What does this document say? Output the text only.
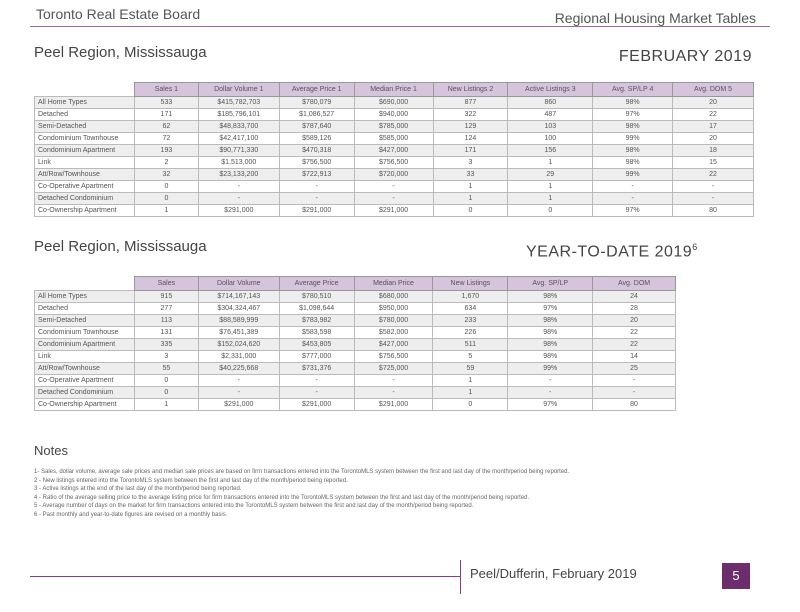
Toronto Real Estate Board	Regional Housing Market Tables
Peel Region, Mississauga	FEBRUARY 2019
	Sales 1	Dollar Volume 1	Average Price 1	Median Price 1	New Listings 2	Active Listings 3	Avg. SP/LP 4	Avg. DOM 5
All Home Types	533	$415,782,703	$780,079	$690,000	877	860	98%	20
Detached	171	$185,796,101	$1,086,527	$940,000	322	487	97%	22
Semi-Detached	62	$48,833,700	$787,640	$785,000	129	103	98%	17
Condominium Townhouse	72	$42,417,100	$589,126	$585,000	124	100	99%	20
Condominium Apartment	193	$90,771,330	$470,318	$427,000	171	156	98%	18
Link	2	$1,513,000	$756,500	$756,500	3	1	98%	15
Att/Row/Townhouse	32	$23,133,200	$722,913	$720,000	33	29	99%	22
Co-Operative Apartment	0	-	-	-	1	1	-	-
Detached Condominium	0	-	-	-	1	1	-	-
Co-Ownership Apartment	1	$291,000	$291,000	$291,000	0	0	97%	80
Peel Region, Mississauga	YEAR-TO-DATE 2019$^6$
	Sales	Dollar Volume	Average Price	Median Price	New Listings	Avg. SP/LP	Avg. DOM
All Home Types	915	$714,167,143	$780,510	$680,000	1,670	98%	24
Detached	277	$304,324,467	$1,098,644	$950,000	634	97%	28
Semi-Detached	113	$88,589,999	$783,982	$780,000	233	98%	20
Condominium Townhouse	131	$76,451,389	$583,598	$582,000	226	98%	22
Condominium Apartment	335	$152,024,620	$453,805	$427,000	511	98%	22
Link	3	$2,331,000	$777,000	$756,500	5	98%	14
Att/Row/Townhouse	55	$40,225,668	$731,376	$725,000	59	99%	25
Co-Operative Apartment	0	-	-	-	1	-	-
Detached Condominium	0	-	-	-	1	-	-
Co-Ownership Apartment	1	$291,000	$291,000	$291,000	0	97%	80
Notes
1- Sales, dollar volume, average sale prices and median sale prices are based on firm transactions entered into the TorontoMLS system between the first and last day of the month/period being reported.
2 - New listings entered into the TorontoMLS system between the first and last day of the month/period being reported.
3 - Active listings at the end of the last day of the month/period being reported.
4 - Ratio of the average selling price to the average listing price for firm transactions entered into the TorontoMLS system between the first and last day of the month/period being reported.
5 - Average number of days on the market for firm transactions entered into the TorontoMLS system between the first and last day of the month/period being reported.
6 - Past monthly and year-to-date figures are revised on a monthly basis.
Peel/Dufferin, February 2019	5
